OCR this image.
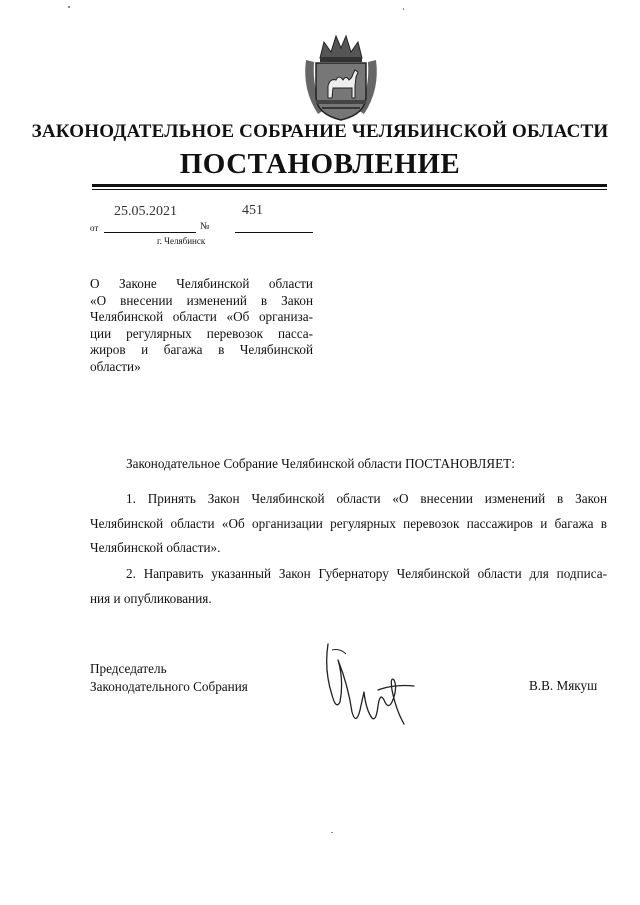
ЗАКОНОДАТЕЛЬНОЕ СОБРАНИЕ ЧЕЛЯБИНСКОЙ ОБЛАСТИ
ПОСТАНОВЛЕНИЕ
25.05.2021	451
от	№
г. Челябинск
О Законе Челябинской области
«О внесении изменений в Закон
Челябинской области «Об организа-
ции регулярных перевозок пасса-
жиров и багажа в Челябинской
области»
Законодательное Собрание Челябинской области ПОСТАНОВЛЯЕТ:
1. Принять Закон Челябинской области «О внесении изменений в Закон
Челябинской области «Об организации регулярных перевозок пассажиров и багажа в
Челябинской области».
2. Направить указанный Закон Губернатору Челябинской области для подписа-
ния и опубликования.
Председатель
Законодательного Собрания	В.В. Мякуш
